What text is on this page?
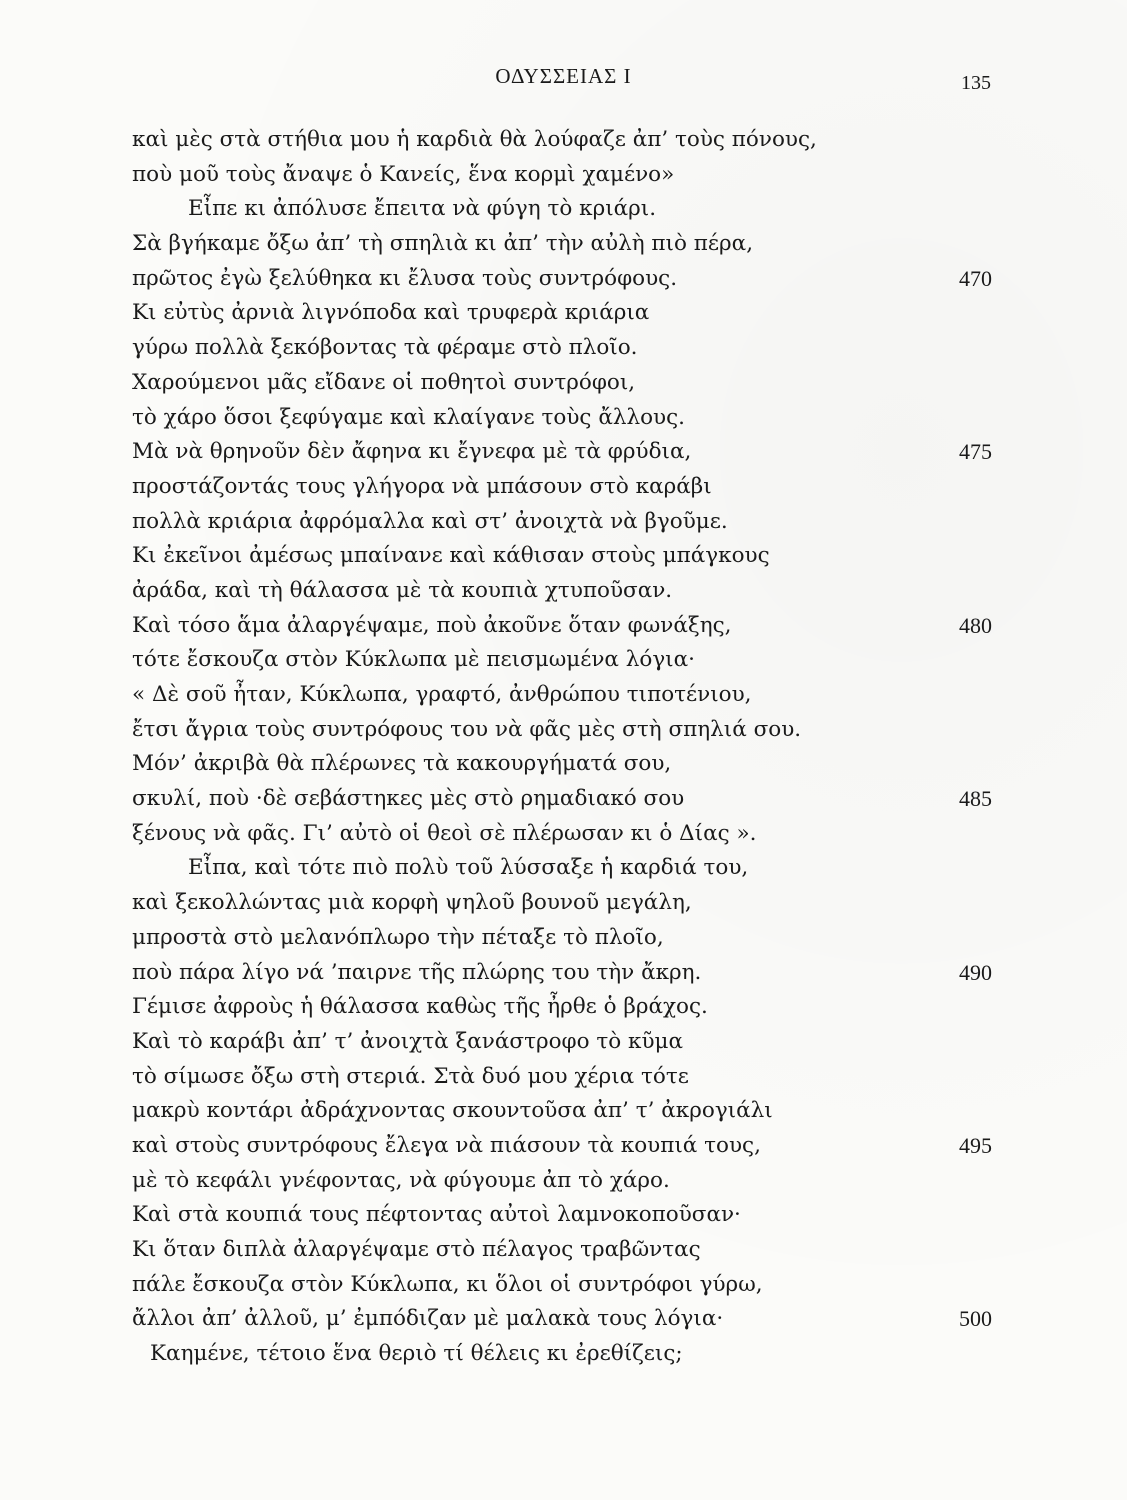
ΟΔΥΣΣΕΙΑΣ Ι	135
καὶ μὲς στὰ στήθια μου ἡ καρδιὰ θὰ λούφαζε ἀπ’ τοὺς πόνους,
ποὺ μοῦ τοὺς ἄναψε ὁ Κανείς, ἕνα κορμὶ χαμένο»
Εἶπε κι ἀπόλυσε ἔπειτα νὰ φύγη τὸ κριάρι.
Σὰ βγήκαμε ὄξω ἀπ’ τὴ σπηλιὰ κι ἀπ’ τὴν αὐλὴ πιὸ πέρα,
πρῶτος ἐγὼ ξελύθηκα κι ἔλυσα τοὺς συντρόφους.	470
Κι εὐτὺς ἀρνιὰ λιγνόποδα καὶ τρυφερὰ κριάρια
γύρω πολλὰ ξεκόβοντας τὰ φέραμε στὸ πλοῖο.
Χαρούμενοι μᾶς εἴδανε οἱ ποθητοὶ συντρόφοι,
τὸ χάρο ὅσοι ξεφύγαμε καὶ κλαίγανε τοὺς ἄλλους.
Μὰ νὰ θρηνοῦν δὲν ἄφηνα κι ἔγνεφα μὲ τὰ φρύδια,	475
προστάζοντάς τους γλήγορα νὰ μπάσουν στὸ καράβι
πολλὰ κριάρια ἀφρόμαλλα καὶ στ’ ἀνοιχτὰ νὰ βγοῦμε.
Κι ἐκεῖνοι ἀμέσως μπαίνανε καὶ κάθισαν στοὺς μπάγκους
ἀράδα, καὶ τὴ θάλασσα μὲ τὰ κουπιὰ χτυποῦσαν.
Καὶ τόσο ἅμα ἀλαργέψαμε, ποὺ ἀκοῦνε ὅταν φωνάξης,	480
τότε ἔσκουζα στὸν Κύκλωπα μὲ πεισμωμένα λόγια·
« Δὲ σοῦ ἦταν, Κύκλωπα, γραφτό, ἀνθρώπου τιποτένιου,
ἔτσι ἄγρια τοὺς συντρόφους του νὰ φᾶς μὲς στὴ σπηλιά σου.
Μόν’ ἀκριβὰ θὰ πλέρωνες τὰ κακουργήματά σου,
σκυλί, ποὺ ·δὲ σεβάστηκες μὲς στὸ ρημαδιακό σου	485
ξένους νὰ φᾶς. Γι’ αὐτὸ οἱ θεοὶ σὲ πλέρωσαν κι ὁ Δίας ».
Εἶπα, καὶ τότε πιὸ πολὺ τοῦ λύσσαξε ἡ καρδιά του,
καὶ ξεκολλώντας μιὰ κορφὴ ψηλοῦ βουνοῦ μεγάλη,
μπροστὰ στὸ μελανόπλωρο τὴν πέταξε τὸ πλοῖο,
ποὺ πάρα λίγο νά ’παιρνε τῆς πλώρης του τὴν ἄκρη.	490
Γέμισε ἀφροὺς ἡ θάλασσα καθὼς τῆς ἦρθε ὁ βράχος.
Καὶ τὸ καράβι ἀπ’ τ’ ἀνοιχτὰ ξανάστροφο τὸ κῦμα
τὸ σίμωσε ὄξω στὴ στεριά. Στὰ δυό μου χέρια τότε
μακρὺ κοντάρι ἀδράχνοντας σκουντοῦσα ἀπ’ τ’ ἀκρογιάλι
καὶ στοὺς συντρόφους ἔλεγα νὰ πιάσουν τὰ κουπιά τους,	495
μὲ τὸ κεφάλι γνέφοντας, νὰ φύγουμε ἀπ τὸ χάρο.
Καὶ στὰ κουπιά τους πέφτοντας αὐτοὶ λαμνοκοποῦσαν·
Κι ὅταν διπλὰ ἀλαργέψαμε στὸ πέλαγος τραβῶντας
πάλε ἔσκουζα στὸν Κύκλωπα, κι ὅλοι οἱ συντρόφοι γύρω,
ἄλλοι ἀπ’ ἀλλοῦ, μ’ ἐμπόδιζαν μὲ μαλακὰ τους λόγια·	500
Καημένε, τέτοιο ἕνα θεριὸ τί θέλεις κι ἐρεθίζεις;
